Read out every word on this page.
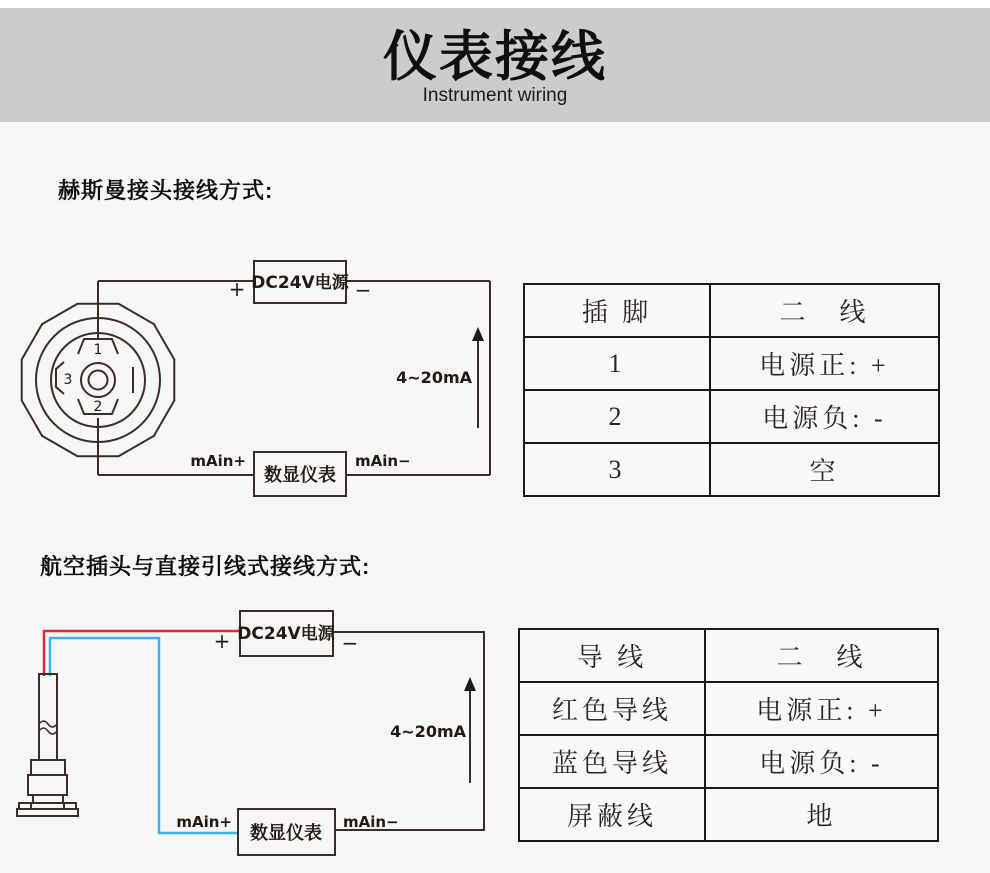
仪表接线
Instrument wiring
赫斯曼接头接线方式:
1
2
3
DC24V电源
+	−
4~20mA
数显仪表
mAin+	mAin−
插 脚	二　线
1	电源正: +
2	电源负: -
3	空
航空插头与直接引线式接线方式:
DC24V电源
+	−
4~20mA
数显仪表
mAin+	mAin−
导 线	二　线
红色导线	电源正: +
蓝色导线	电源负: -
屏蔽线	地
